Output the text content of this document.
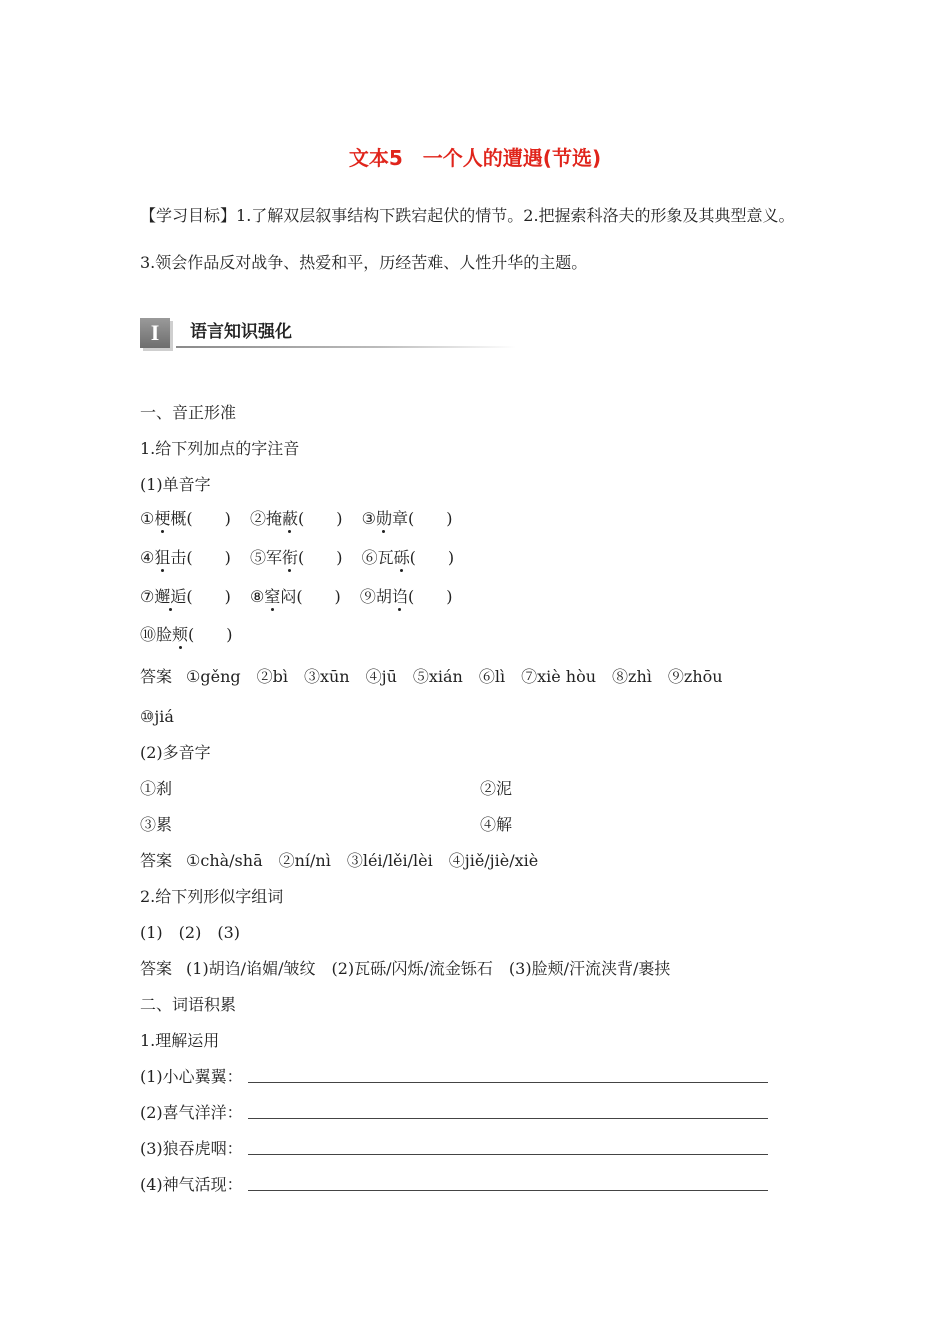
文本5　一个人的遭遇(节选)
【学习目标】1.了解双层叙事结构下跌宕起伏的情节。2.把握索科洛夫的形象及其典型意义。
3.领会作品反对战争、热爱和平，历经苦难、人性升华的主题。
I	语言知识强化
一、音正形准
1.给下列加点的字注音
(1)单音字
①梗概(　　) ②掩蔽(　　) ③勋章(　　)
④狙击(　　) ⑤军衔(　　) ⑥瓦砾(　　)
⑦邂逅(　　) ⑧窒闷(　　) ⑨胡诌(　　)
⑩脸颊(　　)
答案 ①gěng　②bì　③xūn　④jū　⑤xián　⑥lì　⑦xiè hòu　⑧zhì　⑨zhōu
⑩jiá
(2)多音字
①刹	②泥
③累	④解
答案 ①chà/shā　②ní/nì　③léi/lěi/lèi　④jiě/jiè/xiè
2.给下列形似字组词
(1)　(2)　(3)
答案 (1)胡诌/谄媚/皱纹　(2)瓦砾/闪烁/流金铄石　(3)脸颊/汗流浃背/裹挟
二、词语积累
1.理解运用
(1)小心翼翼：
(2)喜气洋洋：
(3)狼吞虎咽：
(4)神气活现：
